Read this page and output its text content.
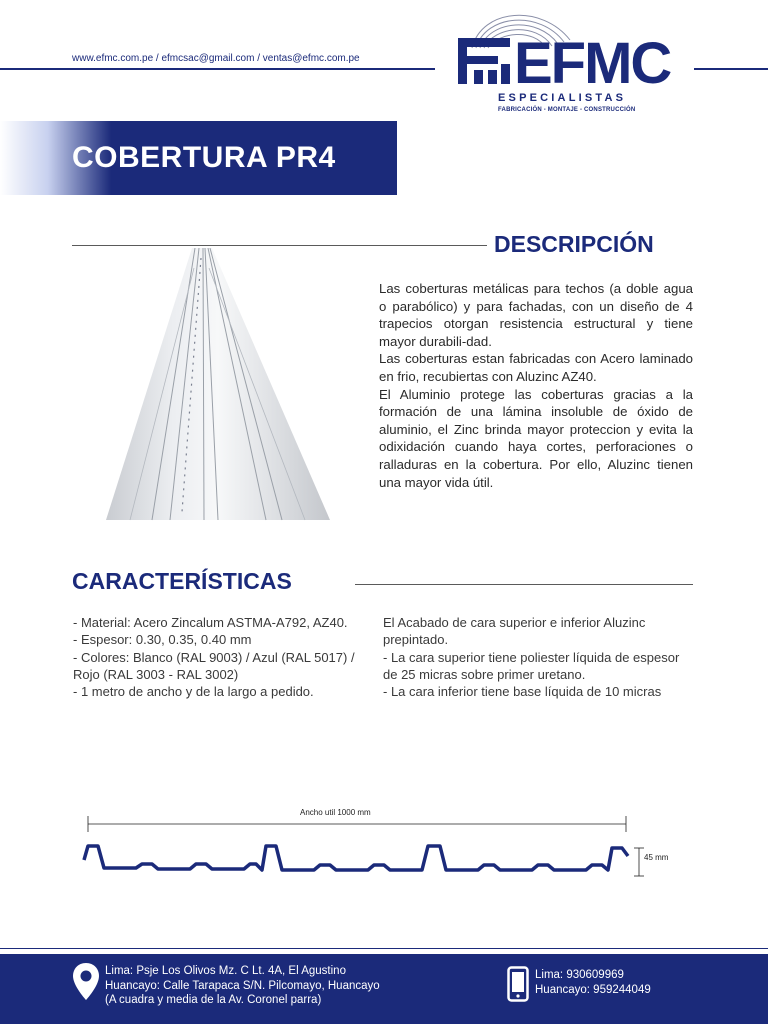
www.efmc.com.pe / efmcsac@gmail.com / ventas@efmc.com.pe	EFMC
ESPECIALISTAS
FABRICACIÓN - MONTAJE - CONSTRUCCIÓN
COBERTURA PR4
DESCRIPCIÓN

Las coberturas metálicas para techos (a doble agua o parabólico) y para fachadas, con un diseño de 4 trapecios otorgan resistencia estructural y tiene mayor durabili-dad.

Las coberturas estan fabricadas con Acero laminado en frio, recubiertas con Aluzinc AZ40.

El Aluminio protege las coberturas gracias a la formación de una lámina insoluble de óxido de aluminio, el Zinc brinda mayor proteccion y evita la odixidación cuando haya cortes, perforaciones o ralladuras en la cobertura. Por ello, Aluzinc tienen una mayor vida útil.

CARACTERÍSTICAS
- Material: Acero Zincalum ASTMA-A792, AZ40.
- Espesor: 0.30, 0.35, 0.40 mm
- Colores: Blanco (RAL 9003) / Azul (RAL 5017) / Rojo (RAL 3003 - RAL 3002)
- 1 metro de ancho y de la largo a pedido.
El Acabado de cara superior e inferior Aluzinc prepintado.
- La cara superior tiene poliester líquida de espesor de 25 micras sobre primer uretano.
- La cara inferior tiene base líquida de 10 micras
Ancho util 1000 mm
45 mm
Lima: Psje Los Olivos Mz. C Lt. 4A, El Agustino
Huancayo: Calle Tarapaca S/N. Pilcomayo, Huancayo
(A cuadra y media de la Av. Coronel parra)
Lima: 930609969
Huancayo: 959244049
